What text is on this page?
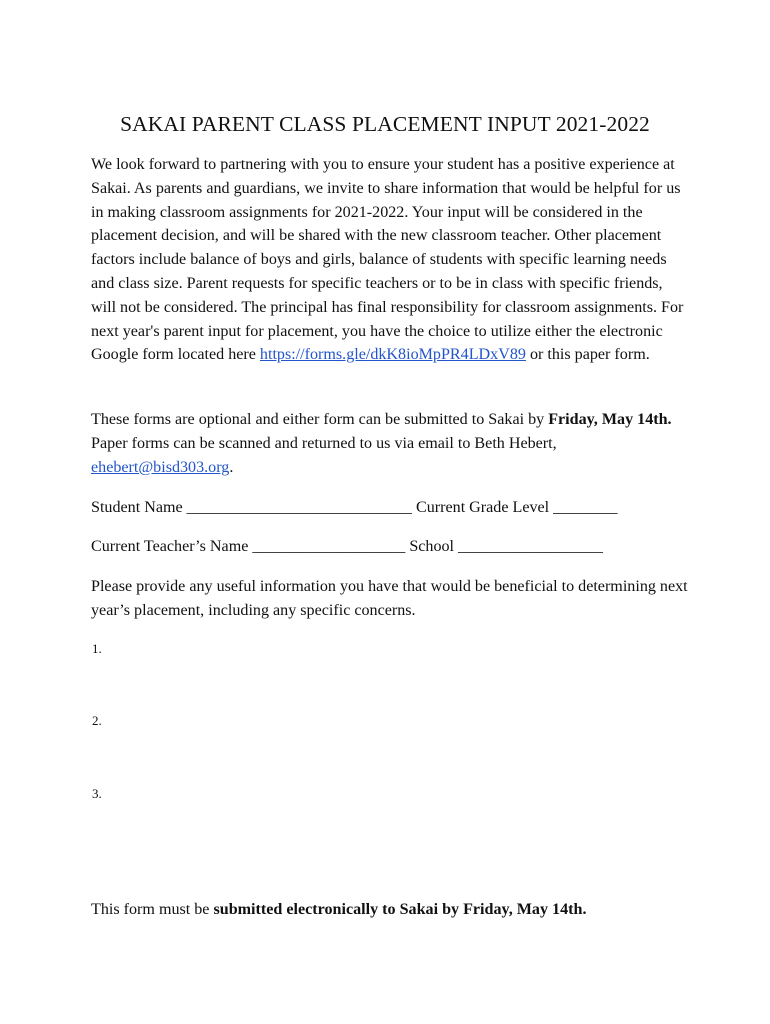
SAKAI PARENT CLASS PLACEMENT INPUT 2021-2022

We look forward to partnering with you to ensure your student has a positive experience at Sakai. As parents and guardians, we invite to share information that would be helpful for us in making classroom assignments for 2021-2022. Your input will be considered in the placement decision, and will be shared with the new classroom teacher. Other placement factors include balance of boys and girls, balance of students with specific learning needs and class size. Parent requests for specific teachers or to be in class with specific friends, will not be considered. The principal has final responsibility for classroom assignments. For next year's parent input for placement, you have the choice to utilize either the electronic Google form located here https://forms.gle/dkK8ioMpPR4LDxV89 or this paper form.

These forms are optional and either form can be submitted to Sakai by Friday, May 14th. Paper forms can be scanned and returned to us via email to Beth Hebert, ehebert@bisd303.org.

Student Name ____________________________ Current Grade Level ________
Current Teacher’s Name ___________________ School __________________

Please provide any useful information you have that would be beneficial to determining next year’s placement, including any specific concerns.

1.
2.
3.
This form must be submitted electronically to Sakai by Friday, May 14th.
